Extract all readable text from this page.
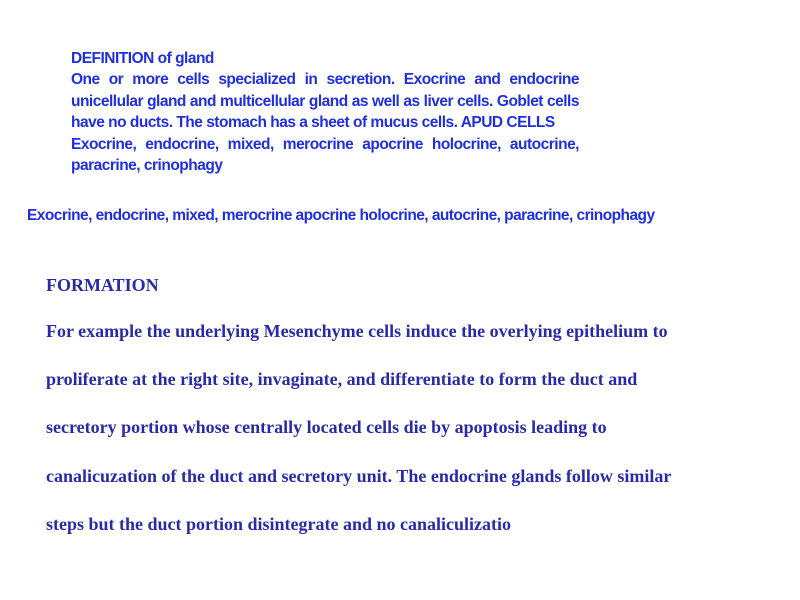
DEFINITION of gland
One or more cells specialized in secretion. Exocrine and endocrine unicellular gland and multicellular gland as well as liver cells. Goblet cells have no ducts. The stomach has a sheet of mucus cells. APUD CELLS
Exocrine, endocrine, mixed, merocrine apocrine holocrine, autocrine, paracrine, crinophagy
Exocrine, endocrine, mixed, merocrine apocrine holocrine, autocrine, paracrine, crinophagy
FORMATION
For example the underlying Mesenchyme cells induce the overlying epithelium to
proliferate at the right site, invaginate, and differentiate to form the duct and
secretory portion whose centrally located cells die by apoptosis leading to
canalicuzation of the duct and secretory unit. The endocrine glands follow similar
steps but the duct portion disintegrate and no canaliculizatio
